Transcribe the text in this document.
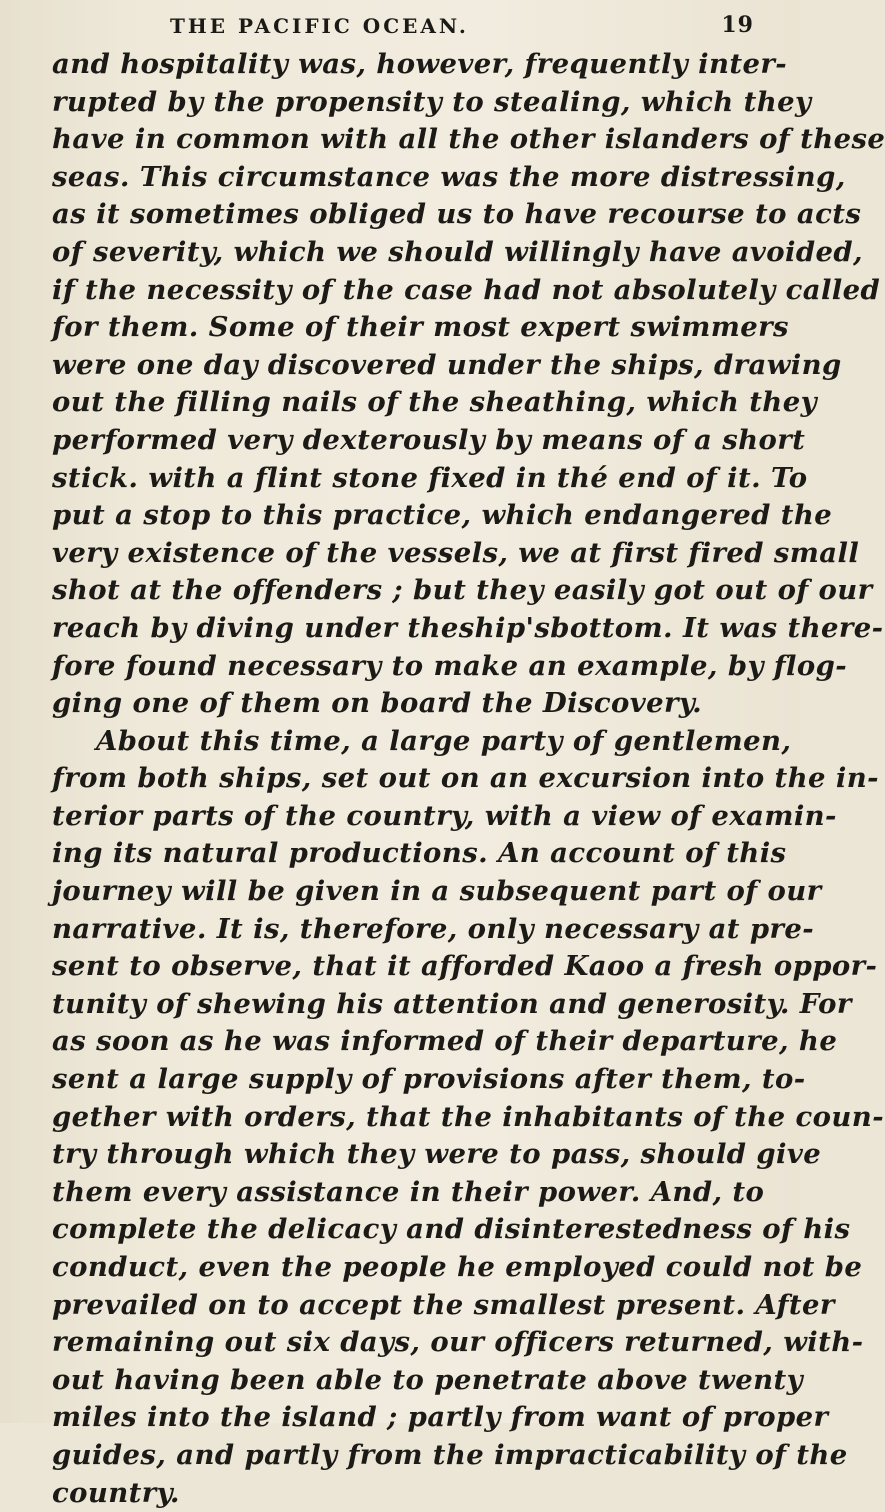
THE PACIFIC OCEAN.	19
and hospitality was, however, frequently inter-
rupted by the propensity to stealing, which they
have in common with all the other islanders of these
seas. This circumstance was the more distressing,
as it sometimes obliged us to have recourse to acts
of severity, which we should willingly have avoided,
if the necessity of the case had not absolutely called
for them. Some of their most expert swimmers
were one day discovered under the ships, drawing
out the filling nails of the sheathing, which they
performed very dexterously by means of a short
stick. with a flint stone fixed in thé end of it. To
put a stop to this practice, which endangered the
very existence of the vessels, we at first fired small
shot at the offenders ; but they easily got out of our
reach by diving under theship'sbottom. It was there-
fore found necessary to make an example, by flog-
ging one of them on board the Discovery.
About this time, a large party of gentlemen,
from both ships, set out on an excursion into the in-
terior parts of the country, with a view of examin-
ing its natural productions. An account of this
journey will be given in a subsequent part of our
narrative. It is, therefore, only necessary at pre-
sent to observe, that it afforded Kaoo a fresh oppor-
tunity of shewing his attention and generosity. For
as soon as he was informed of their departure, he
sent a large supply of provisions after them, to-
gether with orders, that the inhabitants of the coun-
try through which they were to pass, should give
them every assistance in their power. And, to
complete the delicacy and disinterestedness of his
conduct, even the people he employed could not be
prevailed on to accept the smallest present. After
remaining out six days, our officers returned, with-
out having been able to penetrate above twenty
miles into the island ; partly from want of proper
guides, and partly from the impracticability of the
country.
